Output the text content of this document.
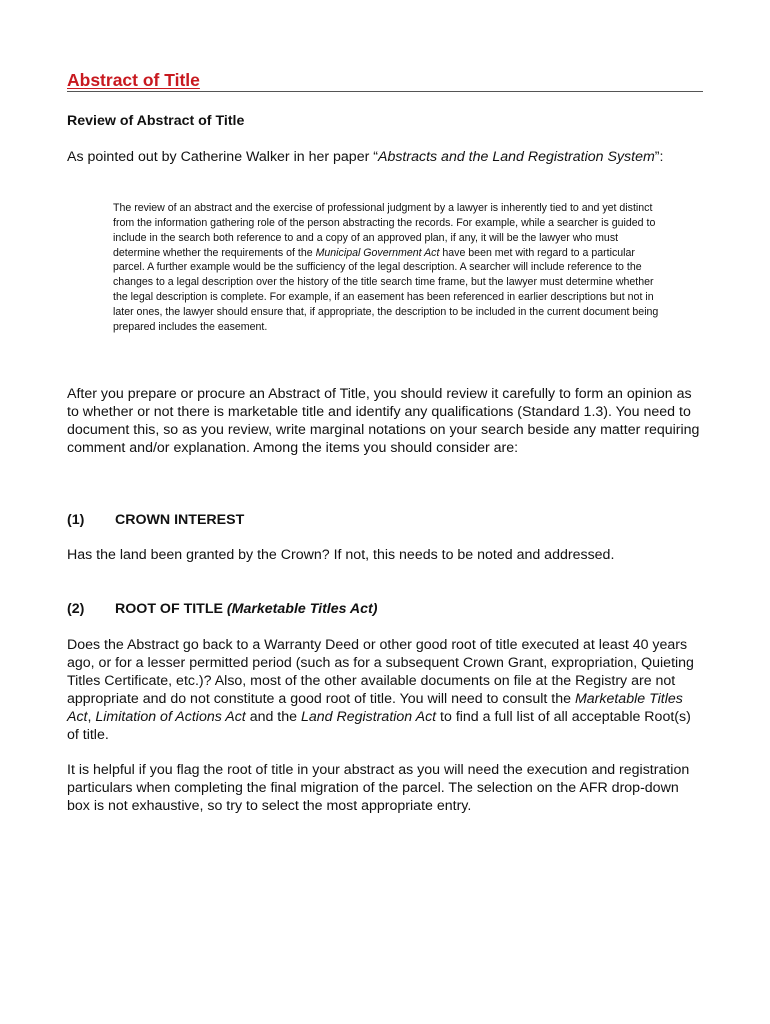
Abstract of Title
Review of Abstract of Title
As pointed out by Catherine Walker in her paper “Abstracts and the Land Registration System”:
The review of an abstract and the exercise of professional judgment by a lawyer is inherently tied to and yet distinct from the information gathering role of the person abstracting the records. For example, while a searcher is guided to include in the search both reference to and a copy of an approved plan, if any, it will be the lawyer who must determine whether the requirements of the Municipal Government Act have been met with regard to a particular parcel. A further example would be the sufficiency of the legal description. A searcher will include reference to the changes to a legal description over the history of the title search time frame, but the lawyer must determine whether the legal description is complete. For example, if an easement has been referenced in earlier descriptions but not in later ones, the lawyer should ensure that, if appropriate, the description to be included in the current document being prepared includes the easement.
After you prepare or procure an Abstract of Title, you should review it carefully to form an opinion as to whether or not there is marketable title and identify any qualifications (Standard 1.3). You need to document this, so as you review, write marginal notations on your search beside any matter requiring comment and/or explanation. Among the items you should consider are:
(1) CROWN INTEREST
Has the land been granted by the Crown? If not, this needs to be noted and addressed.
(2) ROOT OF TITLE (Marketable Titles Act)
Does the Abstract go back to a Warranty Deed or other good root of title executed at least 40 years ago, or for a lesser permitted period (such as for a subsequent Crown Grant, expropriation, Quieting Titles Certificate, etc.)? Also, most of the other available documents on file at the Registry are not appropriate and do not constitute a good root of title. You will need to consult the Marketable Titles Act, Limitation of Actions Act and the Land Registration Act to find a full list of all acceptable Root(s) of title.
It is helpful if you flag the root of title in your abstract as you will need the execution and registration particulars when completing the final migration of the parcel. The selection on the AFR drop-down box is not exhaustive, so try to select the most appropriate entry.
